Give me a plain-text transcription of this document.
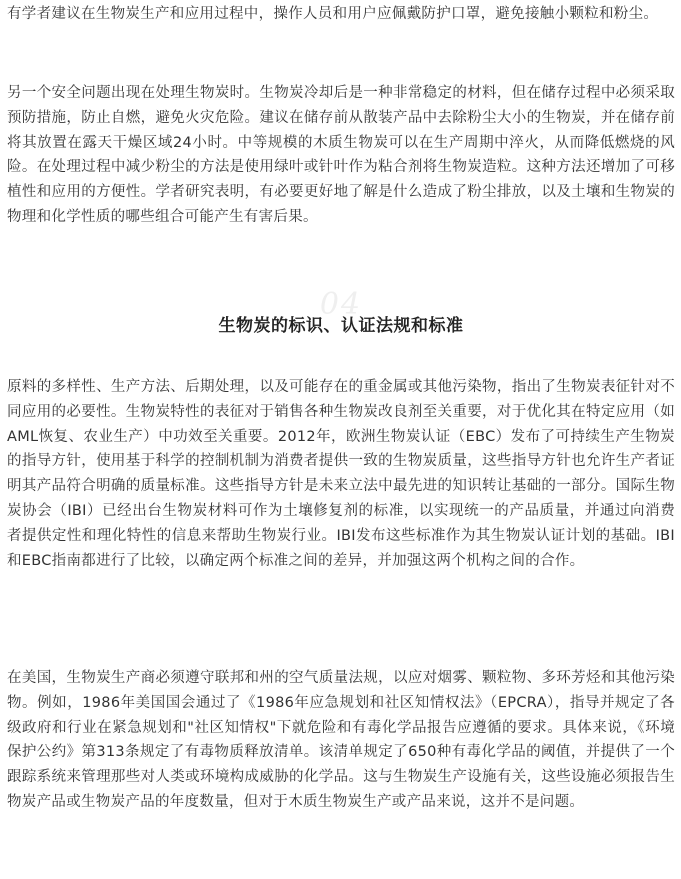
有学者建议在生物炭生产和应用过程中，操作人员和用户应佩戴防护口罩，避免接触小颗粒和粉尘。

另一个安全问题出现在处理生物炭时。生物炭冷却后是一种非常稳定的材料，但在储存过程中必须采取预防措施，防止自燃，避免火灾危险。建议在储存前从散装产品中去除粉尘大小的生物炭，并在储存前将其放置在露天干燥区域24小时。中等规模的木质生物炭可以在生产周期中淬火，从而降低燃烧的风险。在处理过程中减少粉尘的方法是使用绿叶或针叶作为粘合剂将生物炭造粒。这种方法还增加了可移植性和应用的方便性。学者研究表明，有必要更好地了解是什么造成了粉尘排放，以及土壤和生物炭的物理和化学性质的哪些组合可能产生有害后果。

04
生物炭的标识、认证法规和标准

原料的多样性、生产方法、后期处理，以及可能存在的重金属或其他污染物，指出了生物炭表征针对不同应用的必要性。生物炭特性的表征对于销售各种生物炭改良剂至关重要，对于优化其在特定应用（如AML恢复、农业生产）中功效至关重要。2012年，欧洲生物炭认证（EBC）发布了可持续生产生物炭的指导方针，使用基于科学的控制机制为消费者提供一致的生物炭质量，这些指导方针也允许生产者证明其产品符合明确的质量标准。这些指导方针是未来立法中最先进的知识转让基础的一部分。国际生物炭协会（IBI）已经出台生物炭材料可作为土壤修复剂的标准，以实现统一的产品质量，并通过向消费者提供定性和理化特性的信息来帮助生物炭行业。IBI发布这些标准作为其生物炭认证计划的基础。IBI和EBC指南都进行了比较，以确定两个标准之间的差异，并加强这两个机构之间的合作。

在美国，生物炭生产商必须遵守联邦和州的空气质量法规，以应对烟雾、颗粒物、多环芳烃和其他污染物。例如，1986年美国国会通过了《1986年应急规划和社区知情权法》（EPCRA），指导并规定了各级政府和行业在紧急规划和"社区知情权"下就危险和有毒化学品报告应遵循的要求。具体来说，《环境保护公约》第313条规定了有毒物质释放清单。该清单规定了650种有毒化学品的阈值，并提供了一个跟踪系统来管理那些对人类或环境构成威胁的化学品。这与生物炭生产设施有关，这些设施必须报告生物炭产品或生物炭产品的年度数量，但对于木质生物炭生产或产品来说，这并不是问题。
